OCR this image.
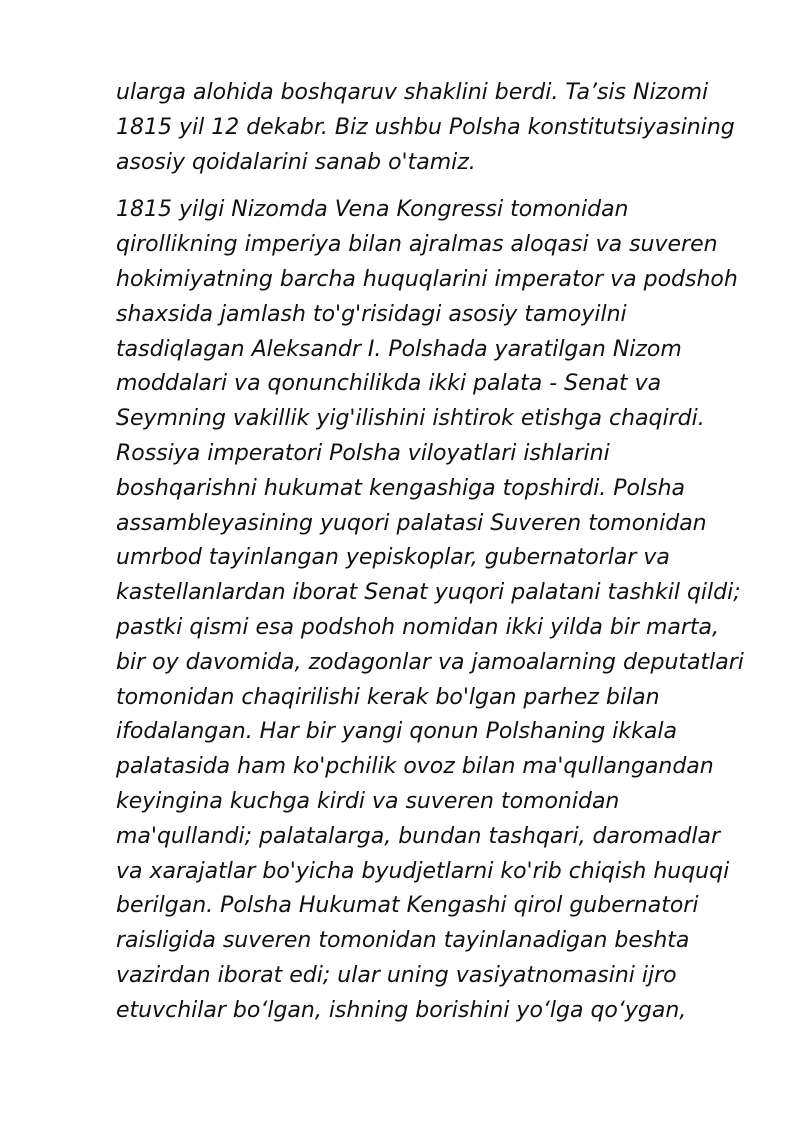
ularga alohida boshqaruv shaklini berdi. Ta’sis Nizomi
1815 yil 12 dekabr. Biz ushbu Polsha konstitutsiyasining
asosiy qoidalarini sanab o'tamiz.

1815 yilgi Nizomda Vena Kongressi tomonidan
qirollikning imperiya bilan ajralmas aloqasi va suveren
hokimiyatning barcha huquqlarini imperator va podshoh
shaxsida jamlash to'g'risidagi asosiy tamoyilni
tasdiqlagan Aleksandr I. Polshada yaratilgan Nizom
moddalari va qonunchilikda ikki palata - Senat va
Seymning vakillik yig'ilishini ishtirok etishga chaqirdi.
Rossiya imperatori Polsha viloyatlari ishlarini
boshqarishni hukumat kengashiga topshirdi. Polsha
assambleyasining yuqori palatasi Suveren tomonidan
umrbod tayinlangan yepiskoplar, gubernatorlar va
kastellanlardan iborat Senat yuqori palatani tashkil qildi;
pastki qismi esa podshoh nomidan ikki yilda bir marta,
bir oy davomida, zodagonlar va jamoalarning deputatlari
tomonidan chaqirilishi kerak bo'lgan parhez bilan
ifodalangan. Har bir yangi qonun Polshaning ikkala
palatasida ham ko'pchilik ovoz bilan ma'qullangandan
keyingina kuchga kirdi va suveren tomonidan
ma'qullandi; palatalarga, bundan tashqari, daromadlar
va xarajatlar bo'yicha byudjetlarni ko'rib chiqish huquqi
berilgan. Polsha Hukumat Kengashi qirol gubernatori
raisligida suveren tomonidan tayinlanadigan beshta
vazirdan iborat edi; ular uning vasiyatnomasini ijro
etuvchilar bo‘lgan, ishning borishini yo‘lga qo‘ygan,
